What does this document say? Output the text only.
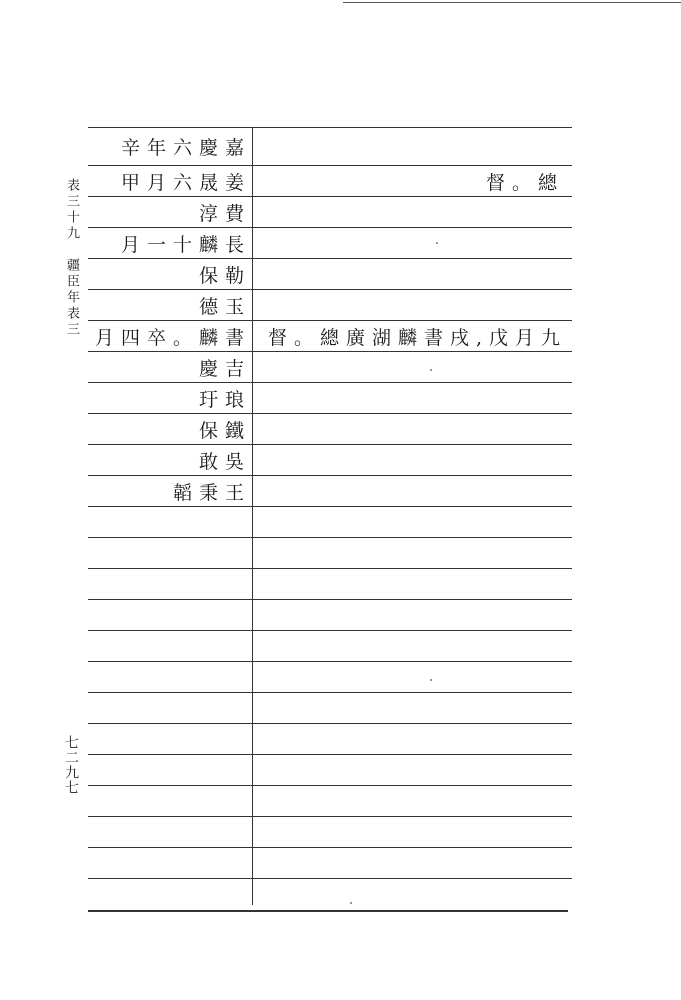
表三十九　疆臣年表三
七二九七
辛年六慶嘉
甲月六晟姜	督。總
淳費
月一十麟長
保勒
德玉
月四卒。麟書 督。總廣湖麟書戌,戊月九
慶吉
玗琅
保鐵
敢吳
韜秉王
